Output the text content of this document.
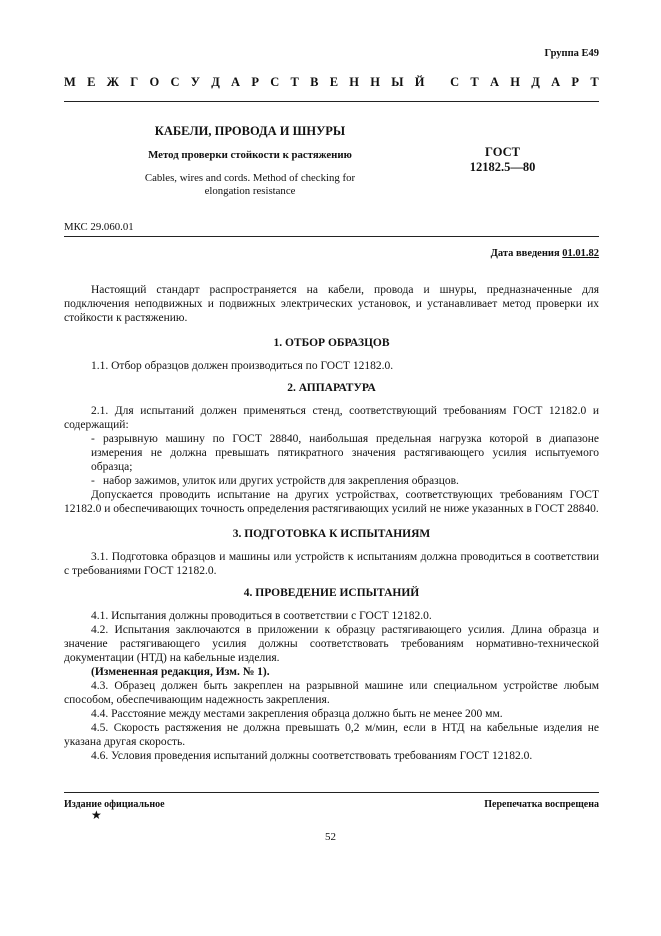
Группа Е49
М Е Ж Г О С У Д А Р С Т В Е Н Н Ы Й
С Т А Н Д А Р Т
КАБЕЛИ, ПРОВОДА И ШНУРЫ
Метод проверки стойкости к растяжению
Cables, wires and cords. Method of checking for
elongation resistance
ГОСТ
12182.5—80
МКС 29.060.01
Дата введения 01.01.82

Настоящий стандарт распространяется на кабели, провода и шнуры, предназначенные для подключения неподвижных и подвижных электрических установок, и устанавливает метод проверки их стойкости к растяжению.

1. ОТБОР ОБРАЗЦОВ

1.1. Отбор образцов должен производиться по ГОСТ 12182.0.

2. АППАРАТУРА

2.1. Для испытаний должен применяться стенд, соответствующий требованиям ГОСТ 12182.0 и содержащий:

- разрывную машину по ГОСТ 28840, наибольшая предельная нагрузка которой в диапазоне измерения не должна превышать пятикратного значения растягивающего усилия испытуемого образца;

- набор зажимов, улиток или других устройств для закрепления образцов.

Допускается проводить испытание на других устройствах, соответствующих требованиям ГОСТ 12182.0 и обеспечивающих точность определения растягивающих усилий не ниже указанных в ГОСТ 28840.

3. ПОДГОТОВКА К ИСПЫТАНИЯМ

3.1. Подготовка образцов и машины или устройств к испытаниям должна проводиться в соответствии с требованиями ГОСТ 12182.0.

4. ПРОВЕДЕНИЕ ИСПЫТАНИЙ

4.1. Испытания должны проводиться в соответствии с ГОСТ 12182.0.

4.2. Испытания заключаются в приложении к образцу растягивающего усилия. Длина образца и значение растягивающего усилия должны соответствовать требованиям нормативно-технической документации (НТД) на кабельные изделия.

(Измененная редакция, Изм. № 1).

4.3. Образец должен быть закреплен на разрывной машине или специальном устройстве любым способом, обеспечивающим надежность закрепления.

4.4. Расстояние между местами закрепления образца должно быть не менее 200 мм.

4.5. Скорость растяжения не должна превышать 0,2 м/мин, если в НТД на кабельные изделия не указана другая скорость.

4.6. Условия проведения испытаний должны соответствовать требованиям ГОСТ 12182.0.

Издание официальное	Перепечатка воспрещена
★
52
